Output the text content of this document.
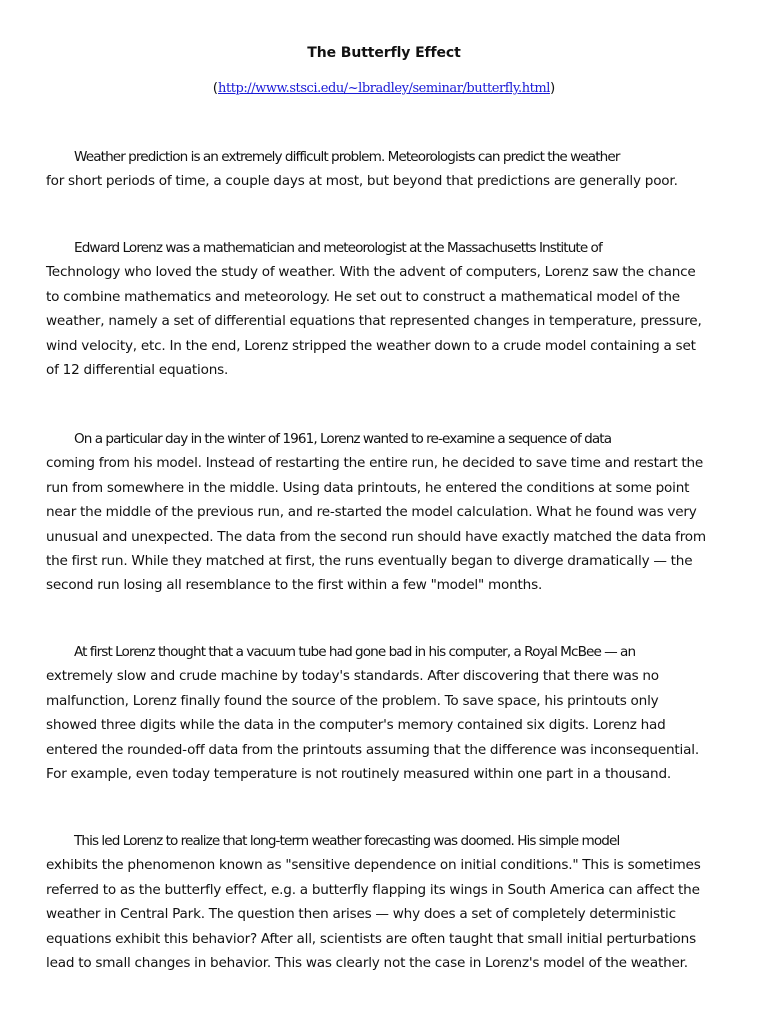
The Butterfly Effect
(http://www.stsci.edu/~lbradley/seminar/butterfly.html)

Weather prediction is an extremely difficult problem. Meteorologists can predict the weather
for short periods of time, a couple days at most, but beyond that predictions are generally poor.

Edward Lorenz was a mathematician and meteorologist at the Massachusetts Institute of
Technology who loved the study of weather. With the advent of computers, Lorenz saw the chance
to combine mathematics and meteorology. He set out to construct a mathematical model of the
weather, namely a set of differential equations that represented changes in temperature, pressure,
wind velocity, etc. In the end, Lorenz stripped the weather down to a crude model containing a set
of 12 differential equations.

On a particular day in the winter of 1961, Lorenz wanted to re-examine a sequence of data
coming from his model. Instead of restarting the entire run, he decided to save time and restart the
run from somewhere in the middle. Using data printouts, he entered the conditions at some point
near the middle of the previous run, and re-started the model calculation. What he found was very
unusual and unexpected. The data from the second run should have exactly matched the data from
the first run. While they matched at first, the runs eventually began to diverge dramatically — the
second run losing all resemblance to the first within a few "model" months.

At first Lorenz thought that a vacuum tube had gone bad in his computer, a Royal McBee — an
extremely slow and crude machine by today's standards. After discovering that there was no
malfunction, Lorenz finally found the source of the problem. To save space, his printouts only
showed three digits while the data in the computer's memory contained six digits. Lorenz had
entered the rounded-off data from the printouts assuming that the difference was inconsequential.
For example, even today temperature is not routinely measured within one part in a thousand.

This led Lorenz to realize that long-term weather forecasting was doomed. His simple model
exhibits the phenomenon known as "sensitive dependence on initial conditions." This is sometimes
referred to as the butterfly effect, e.g. a butterfly flapping its wings in South America can affect the
weather in Central Park. The question then arises — why does a set of completely deterministic
equations exhibit this behavior? After all, scientists are often taught that small initial perturbations
lead to small changes in behavior. This was clearly not the case in Lorenz's model of the weather.
